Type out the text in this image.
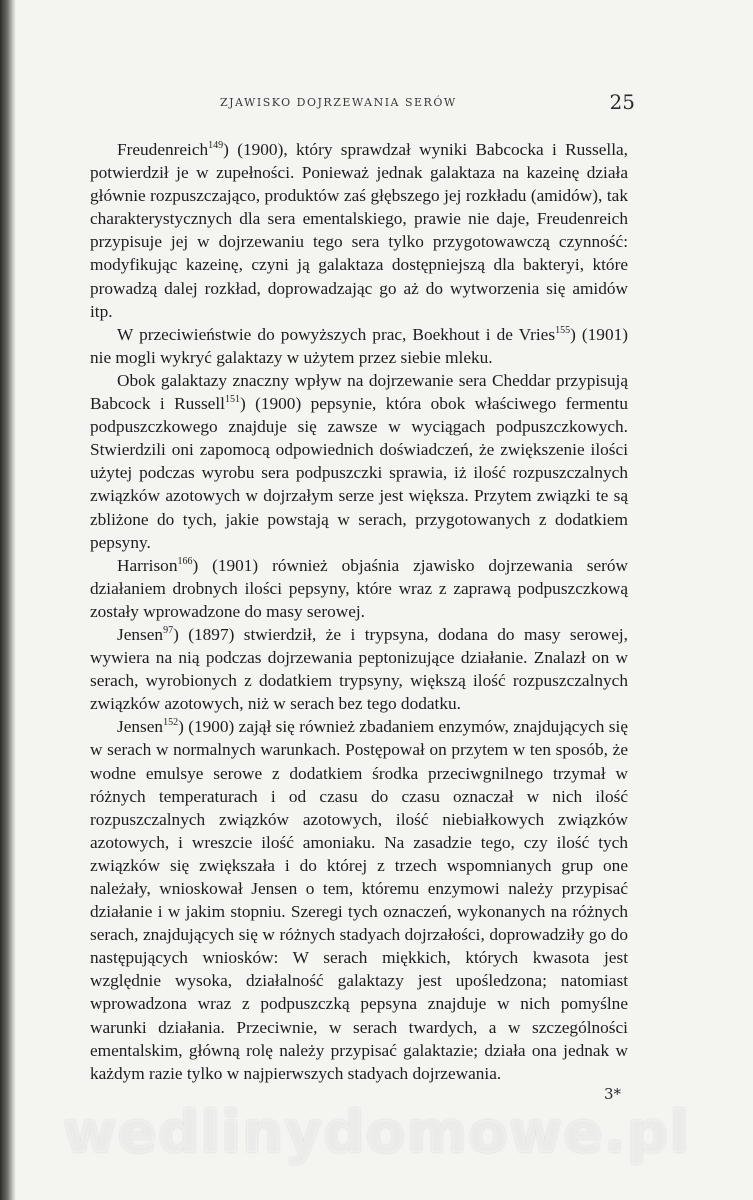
ZJAWISKO DOJRZEWANIA SERÓW	25

Freudenreich$^{149}$) (1900), który sprawdzał wyniki Babcocka i Russella, potwierdził je w zupełności. Ponieważ jednak galaktaza na kazeinę działa głównie rozpuszczająco, produktów zaś głębszego jej rozkładu (amidów), tak charakterystycznych dla sera ementalskiego, prawie nie daje, Freudenreich przypisuje jej w dojrzewaniu tego sera tylko przygotowawczą czynność: modyfikując kazeinę, czyni ją galaktaza dostępniejszą dla bakteryi, które prowadzą dalej rozkład, doprowadzając go aż do wytworzenia się amidów itp.

W przeciwieństwie do powyższych prac, Boekhout i de Vries$^{155}$) (1901) nie mogli wykryć galaktazy w użytem przez siebie mleku.

Obok galaktazy znaczny wpływ na dojrzewanie sera Cheddar przypisują Babcock i Russell$^{151}$) (1900) pepsynie, która obok właściwego fermentu podpuszczkowego znajduje się zawsze w wyciągach podpuszczkowych. Stwierdzili oni zapomocą odpowiednich doświadczeń, że zwiększenie ilości użytej podczas wyrobu sera podpuszczki sprawia, iż ilość rozpuszczalnych związków azotowych w dojrzałym serze jest większa. Przytem związki te są zbliżone do tych, jakie powstają w serach, przygotowanych z dodatkiem pepsyny.

Harrison$^{166}$) (1901) również objaśnia zjawisko dojrzewania serów działaniem drobnych ilości pepsyny, które wraz z zaprawą podpuszczkową zostały wprowadzone do masy serowej.

Jensen$^{97}$) (1897) stwierdził, że i trypsyna, dodana do masy serowej, wywiera na nią podczas dojrzewania peptonizujące działanie. Znalazł on w serach, wyrobionych z dodatkiem trypsyny, większą ilość rozpuszczalnych związków azotowych, niż w serach bez tego dodatku.

Jensen$^{152}$) (1900) zajął się również zbadaniem enzymów, znajdujących się w serach w normalnych warunkach. Postępował on przytem w ten sposób, że wodne emulsye serowe z dodatkiem środka przeciwgnilnego trzymał w różnych temperaturach i od czasu do czasu oznaczał w nich ilość rozpuszczalnych związków azotowych, ilość niebiałkowych związków azotowych, i wreszcie ilość amoniaku. Na zasadzie tego, czy ilość tych związków się zwiększała i do której z trzech wspomnianych grup one należały, wnioskował Jensen o tem, któremu enzymowi należy przypisać działanie i w jakim stopniu. Szeregi tych oznaczeń, wykonanych na różnych serach, znajdujących się w różnych stadyach dojrzałości, doprowadziły go do następujących wniosków: W serach miękkich, których kwasota jest względnie wysoka, działalność galaktazy jest upośledzona; natomiast wprowadzona wraz z podpuszczką pepsyna znajduje w nich pomyślne warunki działania. Przeciwnie, w serach twardych, a w szczególności ementalskim, główną rolę należy przypisać galaktazie; działa ona jednak w każdym razie tylko w najpierwszych stadyach dojrzewania.

3*
wedlinydomowe.pl
